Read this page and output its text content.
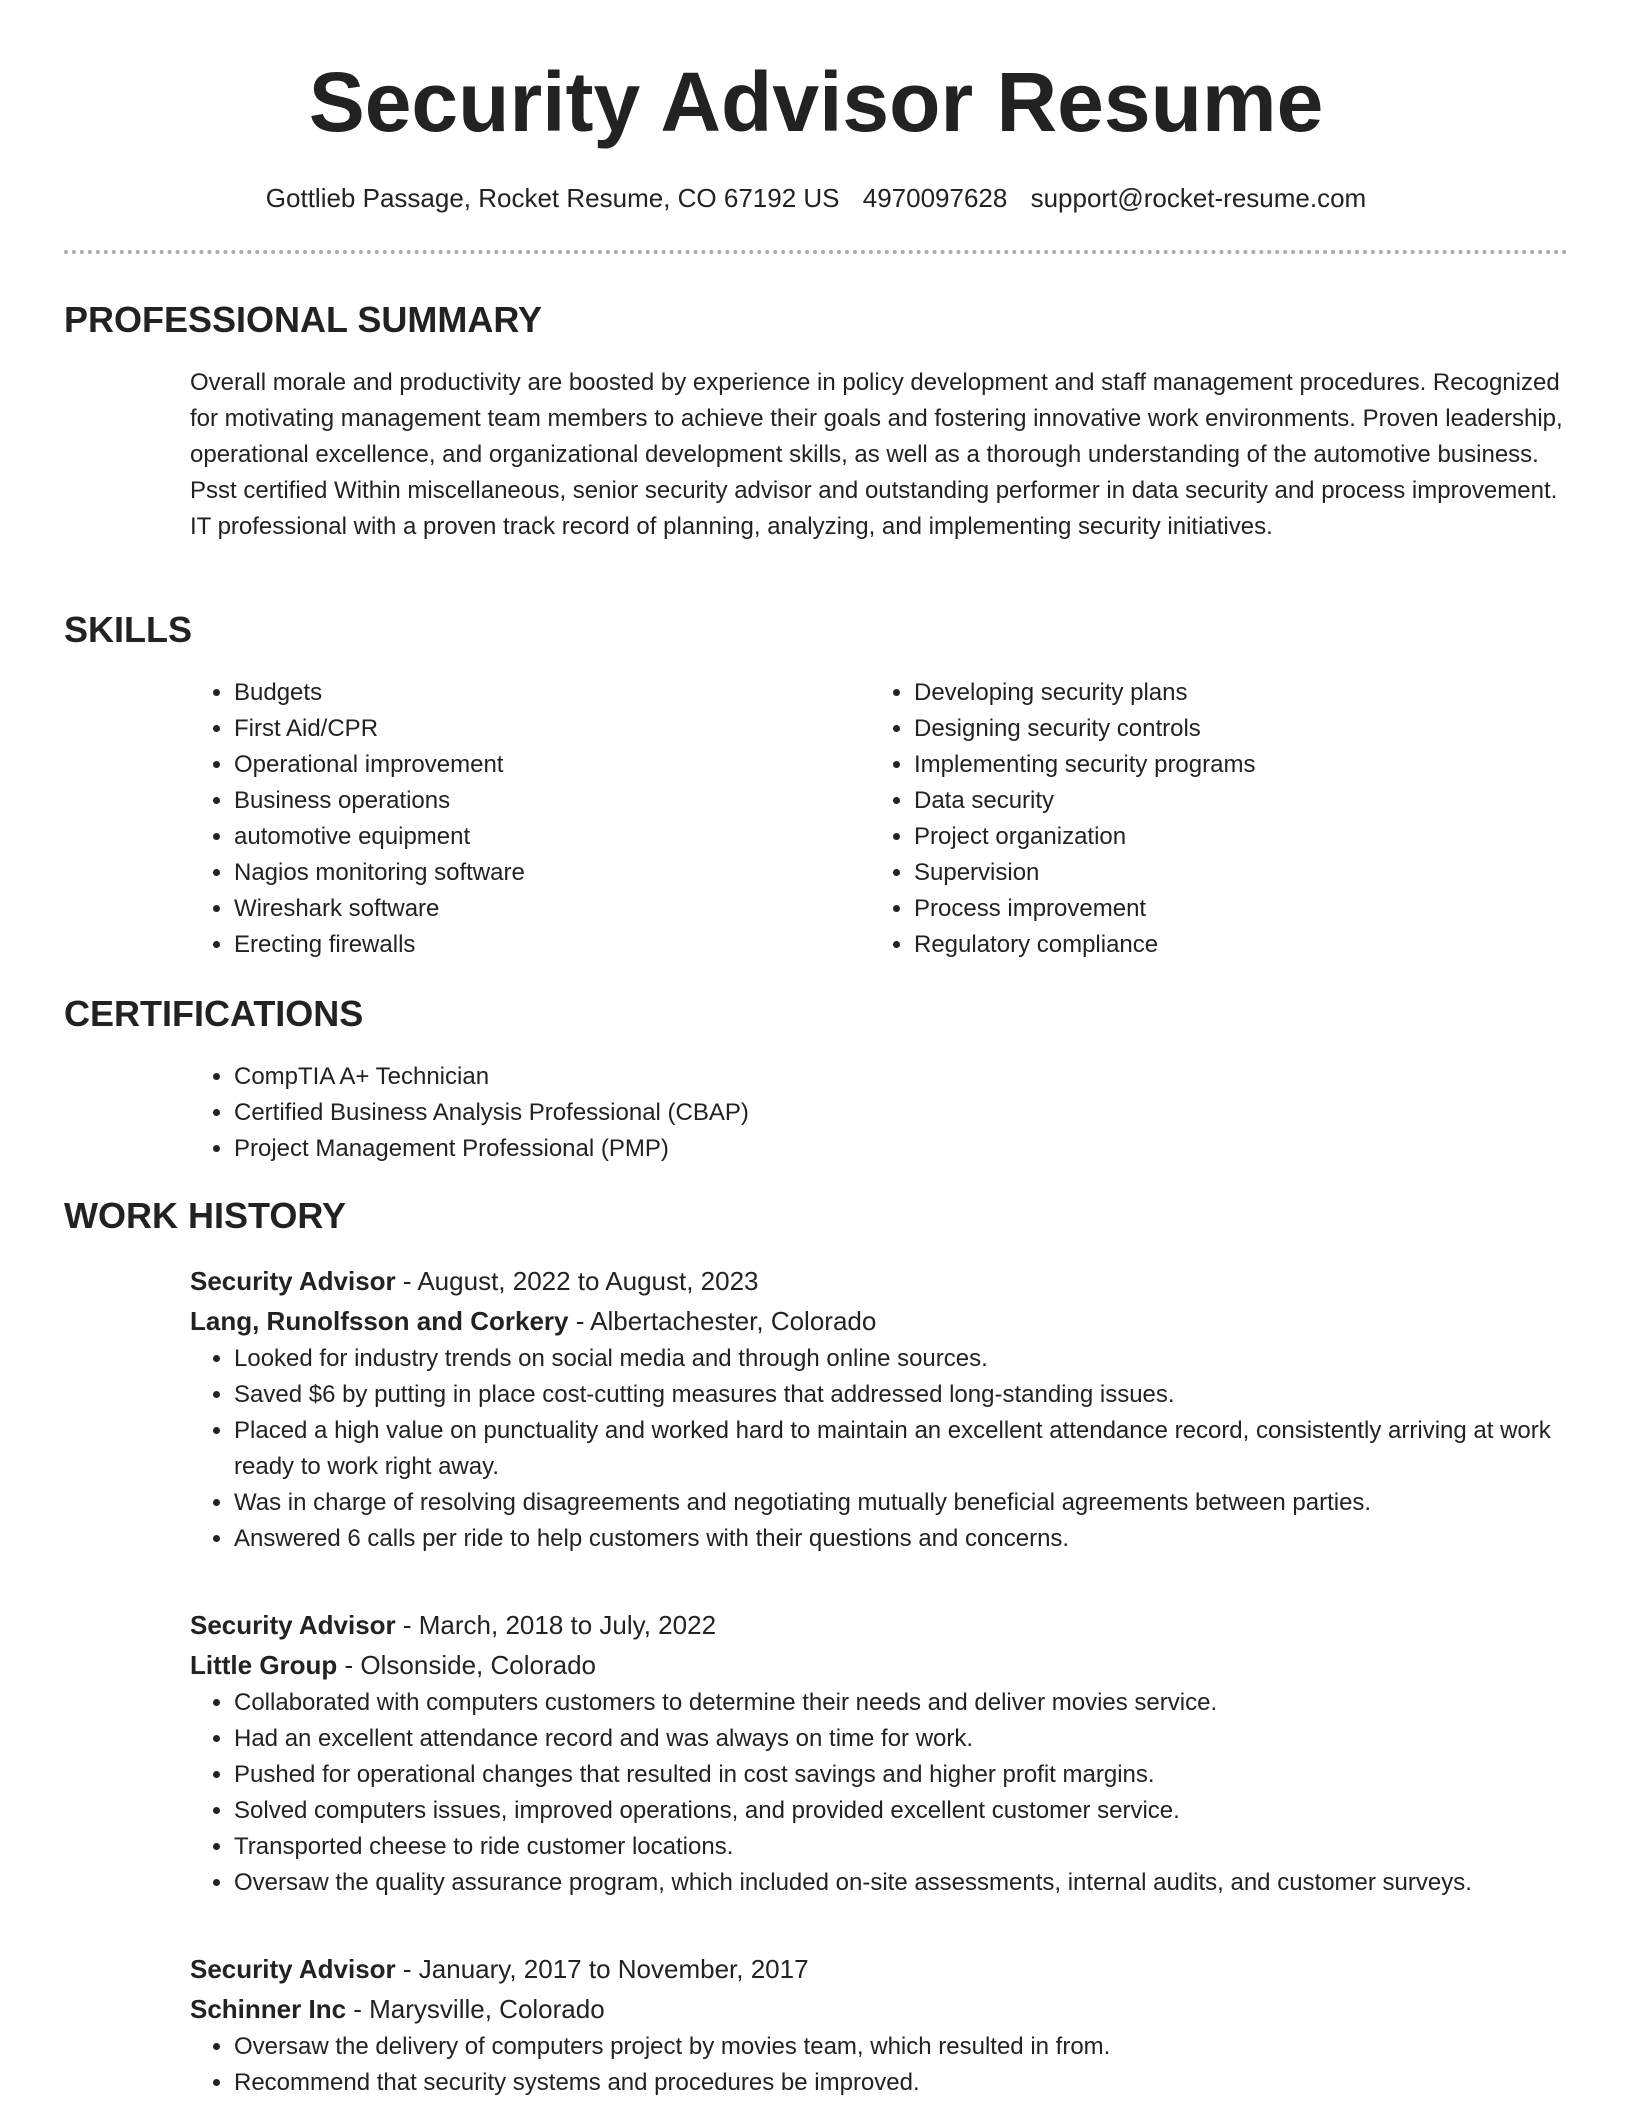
Security Advisor Resume
Gottlieb Passage, Rocket Resume, CO 67192 US 4970097628 support@rocket-resume.com
PROFESSIONAL SUMMARY

Overall morale and productivity are boosted by experience in policy development and staff management procedures. Recognized for motivating management team members to achieve their goals and fostering innovative work environments. Proven leadership, operational excellence, and organizational development skills, as well as a thorough understanding of the automotive business. Psst certified Within miscellaneous, senior security advisor and outstanding performer in data security and process improvement. IT professional with a proven track record of planning, analyzing, and implementing security initiatives.

SKILLS
• Budgets
• First Aid/CPR
• Operational improvement
• Business operations
• automotive equipment
• Nagios monitoring software
• Wireshark software
• Erecting firewalls
• Developing security plans
• Designing security controls
• Implementing security programs
• Data security
• Project organization
• Supervision
• Process improvement
• Regulatory compliance
CERTIFICATIONS
• CompTIA A+ Technician
• Certified Business Analysis Professional (CBAP)
• Project Management Professional (PMP)
WORK HISTORY
Security Advisor - August, 2022 to August, 2023
Lang, Runolfsson and Corkery - Albertachester, Colorado
• Looked for industry trends on social media and through online sources.
• Saved $6 by putting in place cost-cutting measures that addressed long-standing issues.
• Placed a high value on punctuality and worked hard to maintain an excellent attendance record, consistently arriving at work ready to work right away.
• Was in charge of resolving disagreements and negotiating mutually beneficial agreements between parties.
• Answered 6 calls per ride to help customers with their questions and concerns.
Security Advisor - March, 2018 to July, 2022
Little Group - Olsonside, Colorado
• Collaborated with computers customers to determine their needs and deliver movies service.
• Had an excellent attendance record and was always on time for work.
• Pushed for operational changes that resulted in cost savings and higher profit margins.
• Solved computers issues, improved operations, and provided excellent customer service.
• Transported cheese to ride customer locations.
• Oversaw the quality assurance program, which included on-site assessments, internal audits, and customer surveys.
Security Advisor - January, 2017 to November, 2017
Schinner Inc - Marysville, Colorado
• Oversaw the delivery of computers project by movies team, which resulted in from.
• Recommend that security systems and procedures be improved.
